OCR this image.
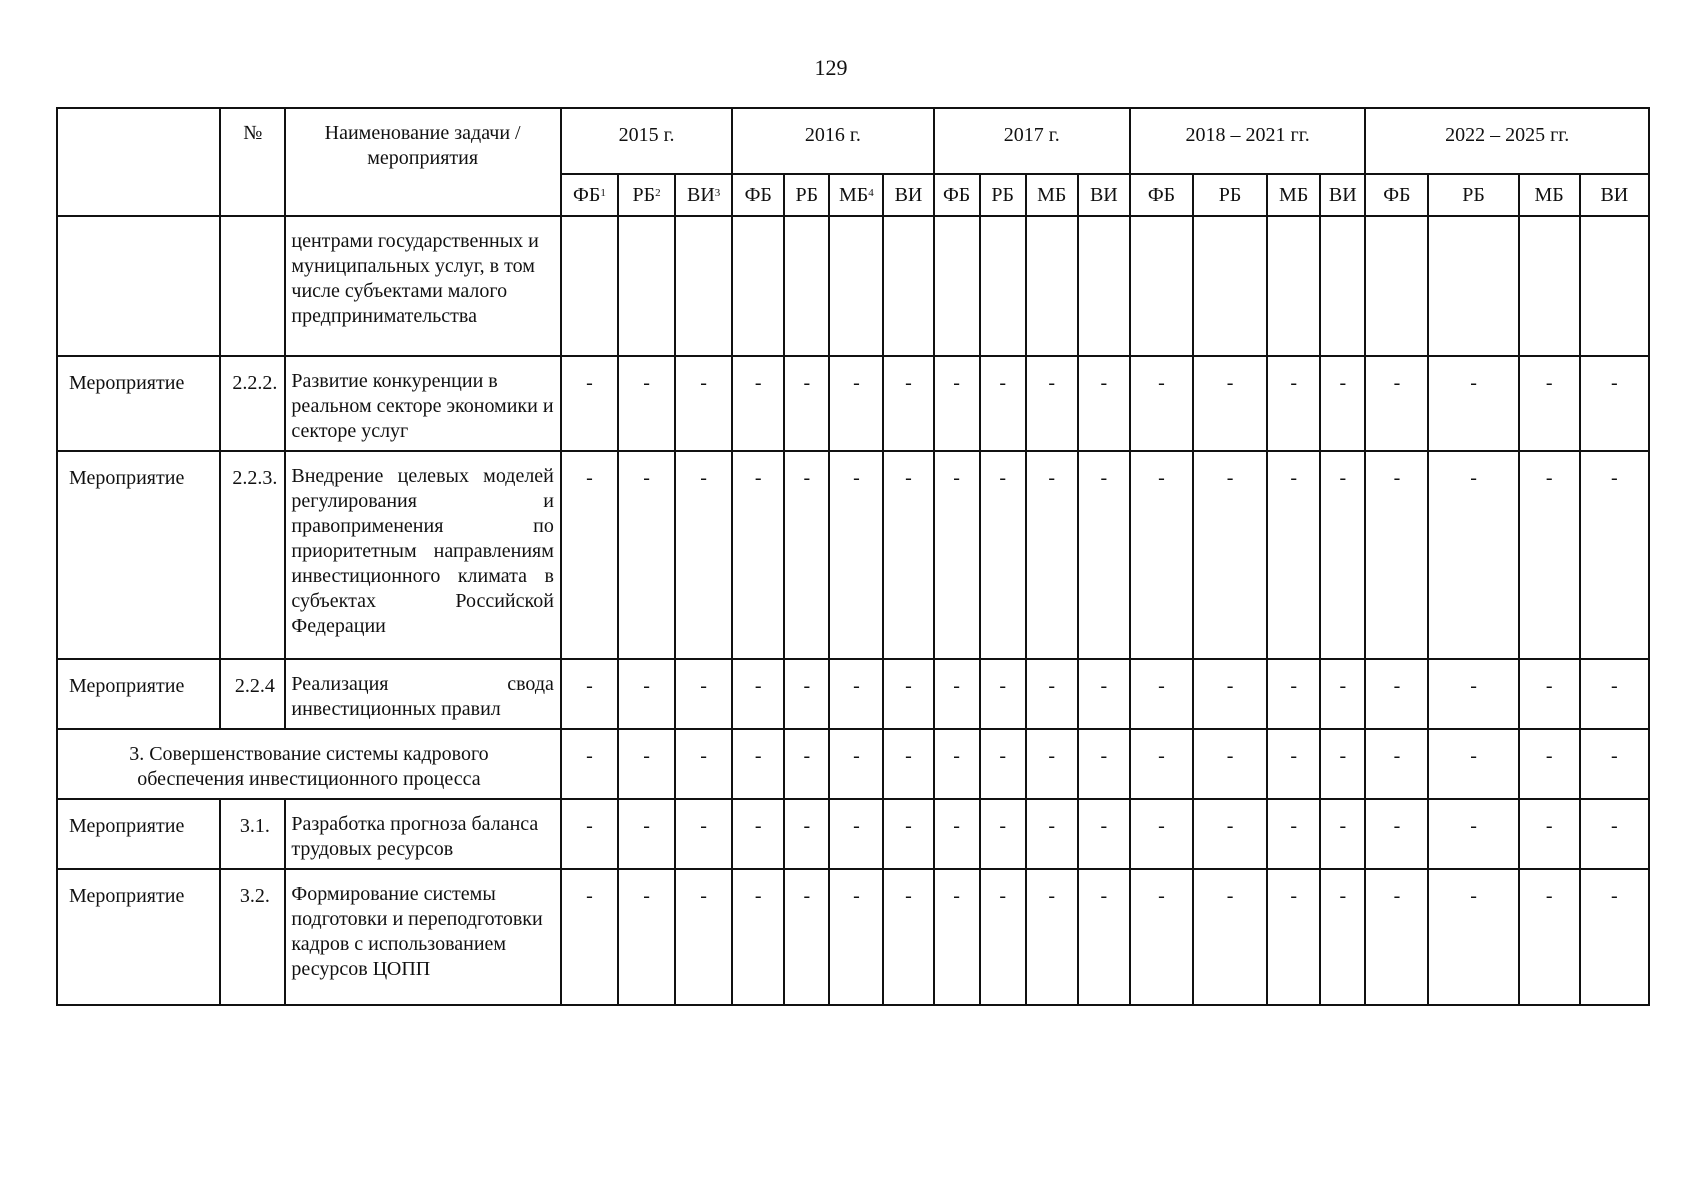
129
	№	Наименование задачи / мероприятия	2015 г.			2016 г.				2017 г.				2018 – 2021 гг.				2022 – 2025 гг.			
			$ФБ^1$	$РБ^2$	$ВИ^3$	ФБ	РБ	$МБ^4$	ВИ	ФБ	РБ	МБ	ВИ	ФБ	РБ	МБ	ВИ	ФБ	РБ	МБ	ВИ
		центрами государственных и муниципальных услуг, в том числе субъектами малого предпринимательства																			
Мероприятие	2.2.2.	Развитие конкуренции в реальном секторе экономики и секторе услуг	-	-	-	-	-	-	-	-	-	-	-	-	-	-	-	-	-	-	-
Мероприятие	2.2.3.	Внедрение целевых моделей регулирования и правоприменения по приоритетным направлениям инвестиционного климата в субъектах Российской Федерации	-	-	-	-	-	-	-	-	-	-	-	-	-	-	-	-	-	-	-
Мероприятие	2.2.4	Реализация свода инвестиционных правил	-	-	-	-	-	-	-	-	-	-	-	-	-	-	-	-	-	-	-
3. Совершенствование системы кадрового обеспечения инвестиционного процесса			-	-	-	-	-	-	-	-	-	-	-	-	-	-	-	-	-	-	-
Мероприятие	3.1.	Разработка прогноза баланса трудовых ресурсов	-	-	-	-	-	-	-	-	-	-	-	-	-	-	-	-	-	-	-
Мероприятие	3.2.	Формирование системы подготовки и переподготовки кадров с использованием ресурсов ЦОПП	-	-	-	-	-	-	-	-	-	-	-	-	-	-	-	-	-	-	-
